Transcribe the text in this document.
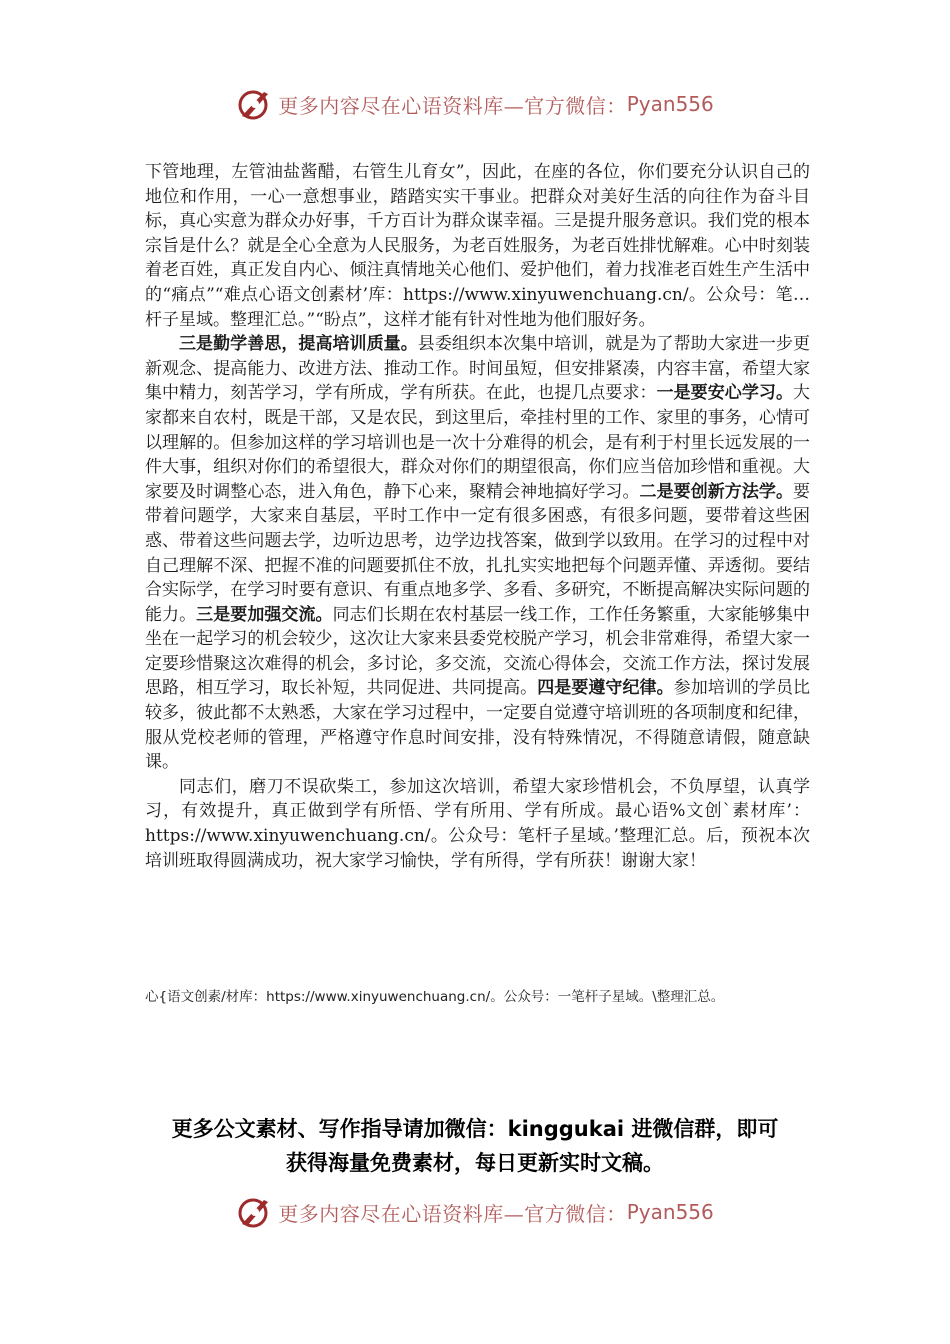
更多内容尽在心语资料库—官方微信： Pyan556

下管地理，左管油盐酱醋，右管生儿育女”，因此，在座的各位，你们要充分认识自己的地位和作用，一心一意想事业，踏踏实实干事业。把群众对美好生活的向往作为奋斗目标，真心实意为群众办好事，千方百计为群众谋幸福。三是提升服务意识。我们党的根本宗旨是什么？就是全心全意为人民服务，为老百姓服务，为老百姓排忧解难。心中时刻装着老百姓，真正发自内心、倾注真情地关心他们、爱护他们，着力找准老百姓生产生活中的“痛点”“难点心语文创素材’库：https://www.xinyuwenchuang.cn/。公众号：笔…杆子星域。整理汇总。”“盼点”，这样才能有针对性地为他们服好务。

三是勤学善思，提高培训质量。县委组织本次集中培训，就是为了帮助大家进一步更新观念、提高能力、改进方法、推动工作。时间虽短，但安排紧凑，内容丰富，希望大家集中精力，刻苦学习，学有所成，学有所获。在此，也提几点要求：一是要安心学习。大家都来自农村，既是干部，又是农民，到这里后，牵挂村里的工作、家里的事务，心情可以理解的。但参加这样的学习培训也是一次十分难得的机会，是有利于村里长远发展的一件大事，组织对你们的希望很大，群众对你们的期望很高，你们应当倍加珍惜和重视。大家要及时调整心态，进入角色，静下心来，聚精会神地搞好学习。二是要创新方法学。要带着问题学，大家来自基层，平时工作中一定有很多困惑，有很多问题，要带着这些困惑、带着这些问题去学，边听边思考，边学边找答案，做到学以致用。在学习的过程中对自己理解不深、把握不准的问题要抓住不放，扎扎实实地把每个问题弄懂、弄透彻。要结合实际学，在学习时要有意识、有重点地多学、多看、多研究，不断提高解决实际问题的能力。三是要加强交流。同志们长期在农村基层一线工作，工作任务繁重，大家能够集中坐在一起学习的机会较少，这次让大家来县委党校脱产学习，机会非常难得，希望大家一定要珍惜聚这次难得的机会，多讨论，多交流，交流心得体会，交流工作方法，探讨发展思路，相互学习，取长补短，共同促进、共同提高。四是要遵守纪律。参加培训的学员比较多，彼此都不太熟悉，大家在学习过程中，一定要自觉遵守培训班的各项制度和纪律，服从党校老师的管理，严格遵守作息时间安排，没有特殊情况，不得随意请假，随意缺课。

同志们，磨刀不误砍柴工，参加这次培训，希望大家珍惜机会，不负厚望，认真学习，有效提升，真正做到学有所悟、学有所用、学有所成。最心语%文创`素材库’：https://www.xinyuwenchuang.cn/。公众号：笔杆子星域。’整理汇总。后，预祝本次培训班取得圆满成功，祝大家学习愉快，学有所得，学有所获！谢谢大家！

心{语文创素/材库：https://www.xinyuwenchuang.cn/。公众号：一笔杆子星域。\整理汇总。
更多公文素材、写作指导请加微信：kinggukai 进微信群，即可
获得海量免费素材，每日更新实时文稿。
更多内容尽在心语资料库—官方微信： Pyan556
